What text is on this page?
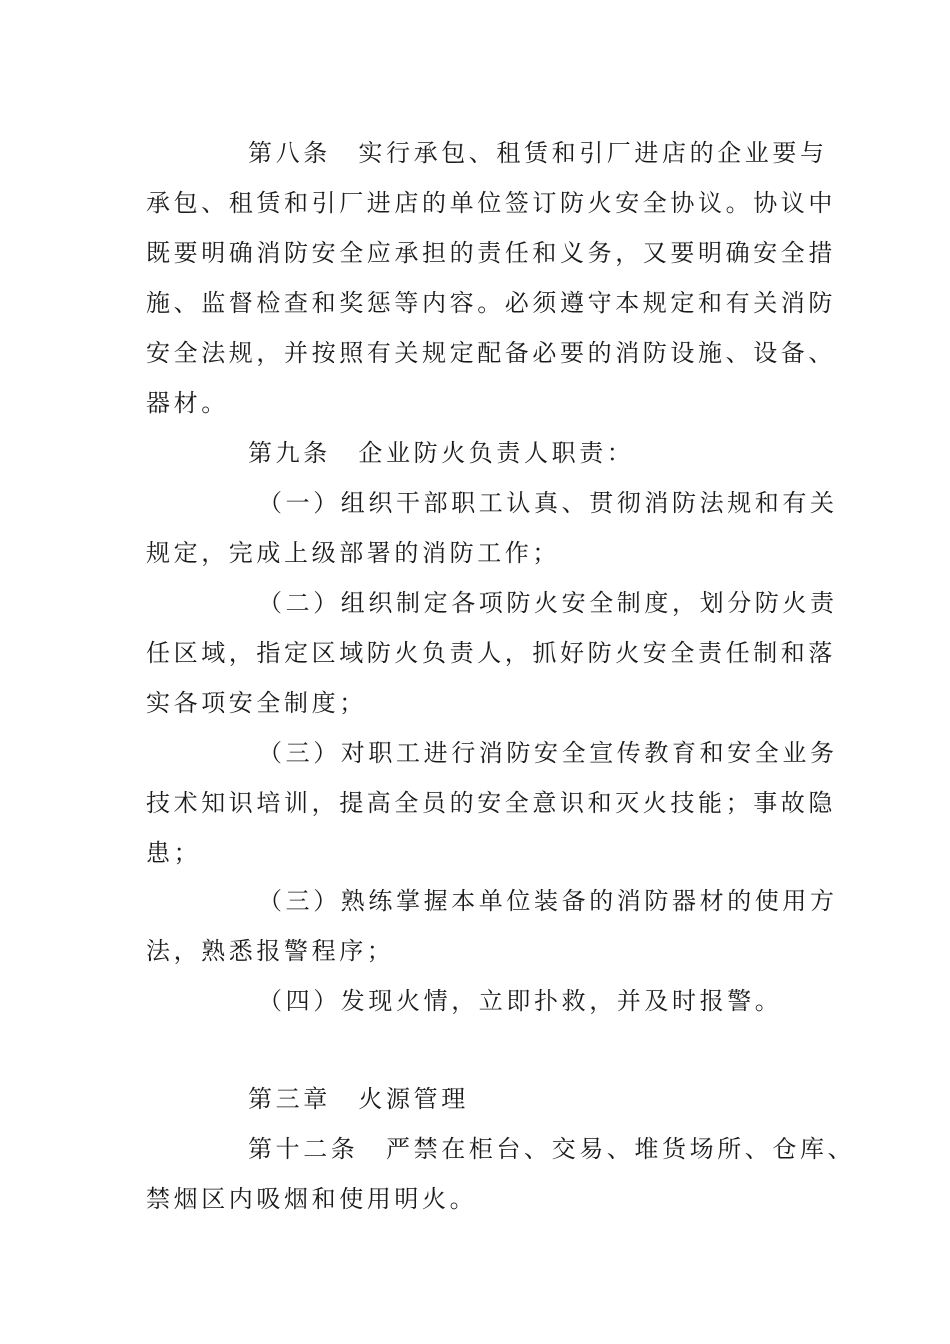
第八条　实行承包、租赁和引厂进店的企业要与
承包、租赁和引厂进店的单位签订防火安全协议。协议中
既要明确消防安全应承担的责任和义务，又要明确安全措
施、监督检查和奖惩等内容。必须遵守本规定和有关消防
安全法规，并按照有关规定配备必要的消防设施、设备、
器材。
第九条　企业防火负责人职责：
（一）组织干部职工认真、贯彻消防法规和有关
规定，完成上级部署的消防工作；
（二）组织制定各项防火安全制度，划分防火责
任区域，指定区域防火负责人，抓好防火安全责任制和落
实各项安全制度；
（三）对职工进行消防安全宣传教育和安全业务
技术知识培训，提高全员的安全意识和灭火技能；事故隐
患；
（三）熟练掌握本单位装备的消防器材的使用方
法，熟悉报警程序；
（四）发现火情，立即扑救，并及时报警。
第三章　火源管理
第十二条　严禁在柜台、交易、堆货场所、仓库、
禁烟区内吸烟和使用明火。
